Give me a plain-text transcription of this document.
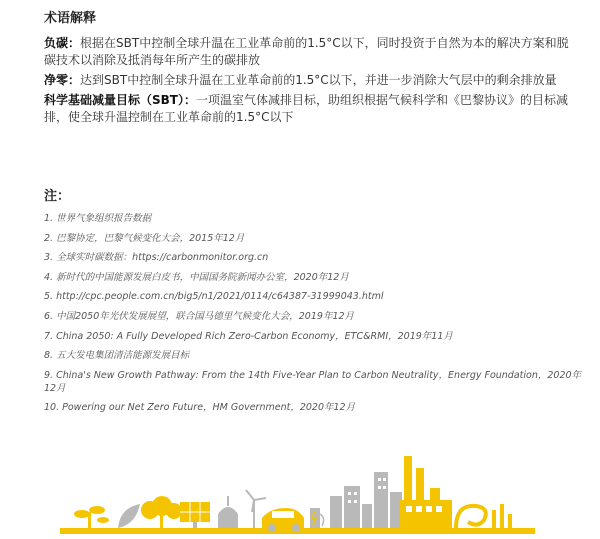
术语解释

负碳：根据在SBT中控制全球升温在工业革命前的1.5°C以下，同时投资于自然为本的解决方案和脱碳技术以消除及抵消每年所产生的碳排放

净零：达到SBT中控制全球升温在工业革命前的1.5°C以下，并进一步消除大气层中的剩余排放量

科学基础减量目标（SBT）：一项温室气体减排目标，助组织根据气候科学和《巴黎协议》的目标减排，使全球升温控制在工业革命前的1.5°C以下

注：

1. 世界气象组织报告数据

2. 巴黎协定，巴黎气候变化大会，2015年12月

3. 全球实时碳数据：https://carbonmonitor.org.cn

4. 新时代的中国能源发展白皮书，中国国务院新闻办公室，2020年12月

5. http://cpc.people.com.cn/big5/n1/2021/0114/c64387-31999043.html

6. 中国2050年光伏发展展望，联合国马德里气候变化大会，2019年12月

7. China 2050: A Fully Developed Rich Zero-Carbon Economy，ETC&RMI，2019年11月

8. 五大发电集团清洁能源发展目标

9. China's New Growth Pathway: From the 14th Five-Year Plan to Carbon Neutrality，Energy Foundation，2020年12月

10. Powering our Net Zero Future，HM Government，2020年12月
